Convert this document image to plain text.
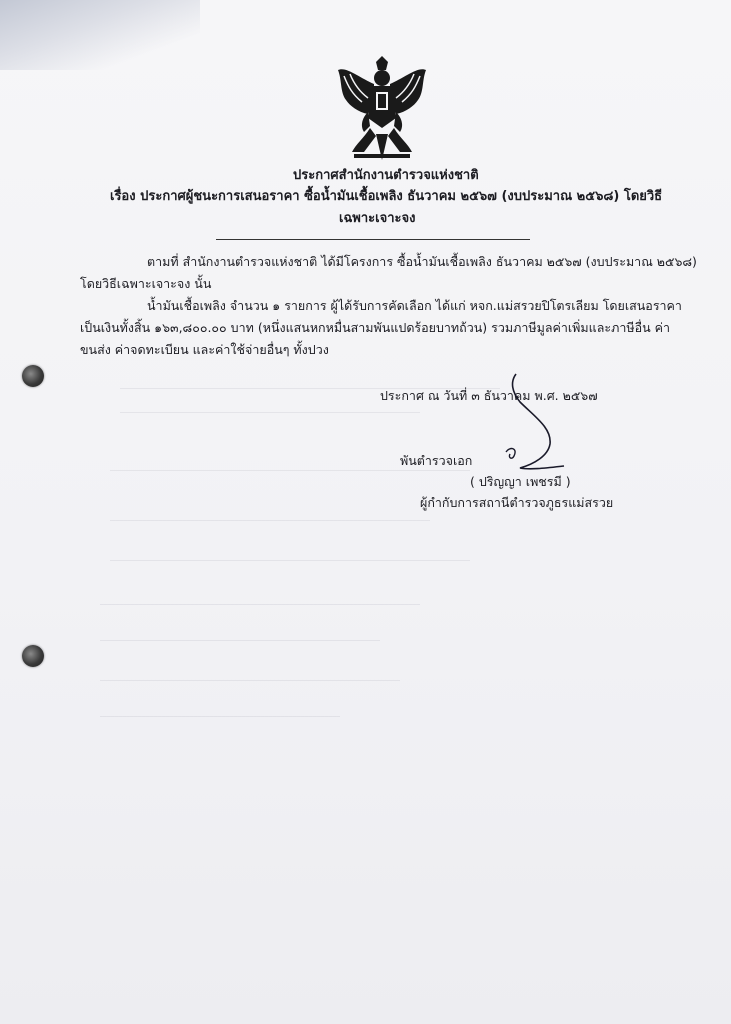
ประกาศสำนักงานตำรวจแห่งชาติ
เรื่อง ประกาศผู้ชนะการเสนอราคา ซื้อน้ำมันเชื้อเพลิง ธันวาคม ๒๕๖๗ (งบประมาณ ๒๕๖๘) โดยวิธี
เฉพาะเจาะจง
ตามที่ สำนักงานตำรวจแห่งชาติ ได้มีโครงการ ซื้อน้ำมันเชื้อเพลิง ธันวาคม ๒๕๖๗ (งบประมาณ ๒๕๖๘)
โดยวิธีเฉพาะเจาะจง นั้น
น้ำมันเชื้อเพลิง จำนวน ๑ รายการ ผู้ได้รับการคัดเลือก ได้แก่ หจก.แม่สรวยปิโตรเลียม โดยเสนอราคา
เป็นเงินทั้งสิ้น ๑๖๓,๘๐๐.๐๐ บาท (หนึ่งแสนหกหมื่นสามพันแปดร้อยบาทถ้วน) รวมภาษีมูลค่าเพิ่มและภาษีอื่น ค่า
ขนส่ง ค่าจดทะเบียน และค่าใช้จ่ายอื่นๆ ทั้งปวง
ประกาศ ณ วันที่ ๓ ธันวาคม พ.ศ. ๒๕๖๗
พันตำรวจเอก
( ปริญญา เพชรมี )
ผู้กำกับการสถานีตำรวจภูธรแม่สรวย
